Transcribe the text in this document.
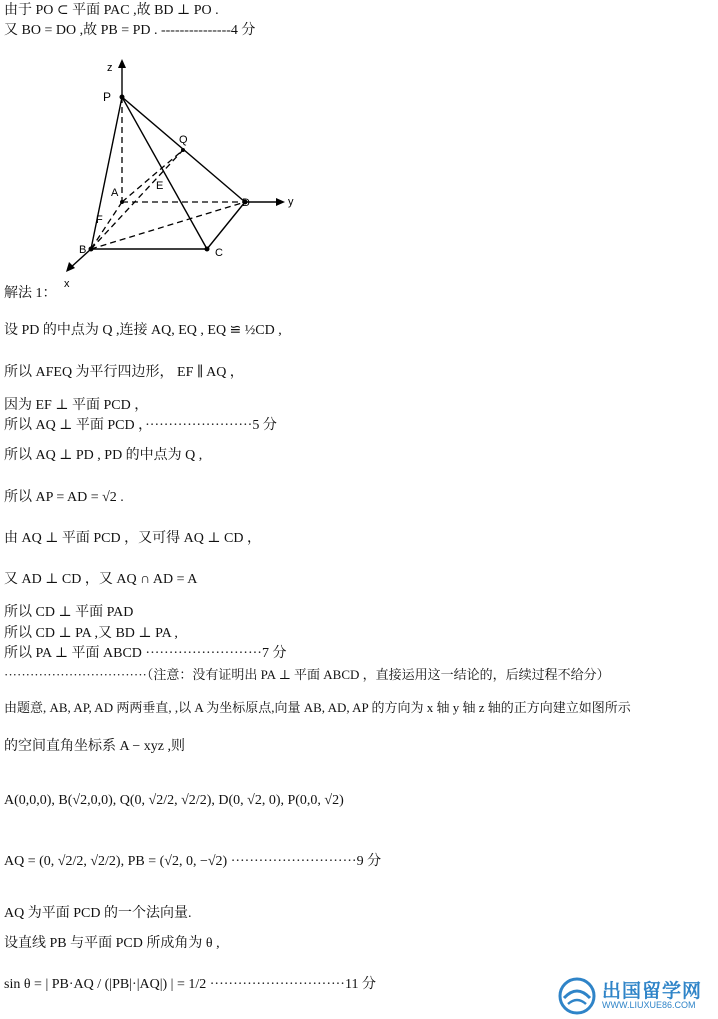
由于 PO ⊂ 平面 PAC ,故 BD ⊥ PO .
又 BO = DO ,故 PB = PD . ---------------4 分
z
y
x
P
Q
A
E
D
F
B	C
解法 1：
设 PD 的中点为 Q ,连接 AQ, EQ , EQ ≌ ½CD ,
所以 AFEQ 为平行四边形， EF ∥ AQ ，
因为 EF ⊥ 平面 PCD ，
所以 AQ ⊥ 平面 PCD ，·······················5 分
所以 AQ ⊥ PD , PD 的中点为 Q ,
所以 AP = AD = √2 .
由 AQ ⊥ 平面 PCD ，又可得 AQ ⊥ CD ，
又 AD ⊥ CD ，又 AQ ∩ AD = A
所以 CD ⊥ 平面 PAD
所以 CD ⊥ PA ,又 BD ⊥ PA ,
所以 PA ⊥ 平面 ABCD ·························7 分
·································（注意：没有证明出 PA ⊥ 平面 ABCD ，直接运用这一结论的，后续过程不给分）
由题意, AB, AP, AD 两两垂直, ,以 A 为坐标原点,向量 AB, AD, AP 的方向为 x 轴 y 轴 z 轴的正方向建立如图所示
的空间直角坐标系 A − xyz ,则
A(0,0,0), B(√2,0,0), Q(0, √2/2, √2/2), D(0, √2, 0), P(0,0, √2)
AQ = (0, √2/2, √2/2), PB = (√2, 0, −√2) ···························9 分
AQ 为平面 PCD 的一个法向量.
设直线 PB 与平面 PCD 所成角为 θ ,
sin θ = | PB·AQ / (|PB|·|AQ|) | = 1/2 ·····························11 分	出国留学网
WWW.LIUXUE86.COM
